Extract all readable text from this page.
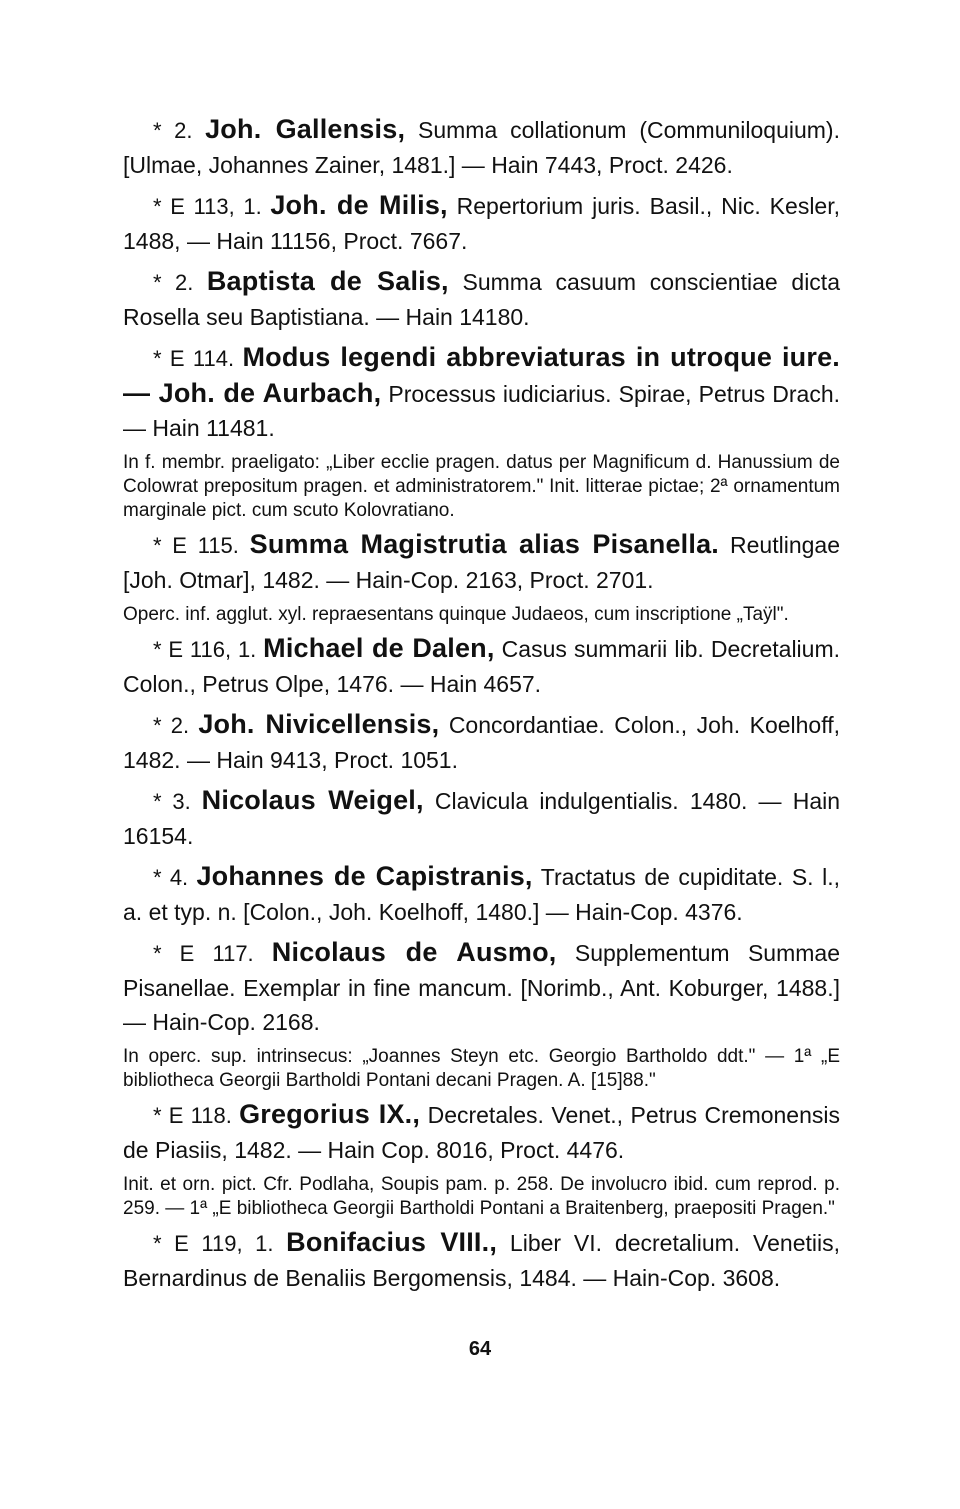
* 2. Joh. Gallensis, Summa collationum (Communiloquium). [Ulmae, Johannes Zainer, 1481.] — Hain 7443, Proct. 2426.

* E 113, 1. Joh. de Milis, Repertorium juris. Basil., Nic. Kesler, 1488, — Hain 11156, Proct. 7667.

* 2. Baptista de Salis, Summa casuum conscientiae dicta Rosella seu Baptistiana. — Hain 14180.

* E 114. Modus legendi abbreviaturas in utroque iure. — Joh. de Aurbach, Processus iudiciarius. Spirae, Petrus Drach. — Hain 11481.

In f. membr. praeligato: „Liber ecclie pragen. datus per Magnificum d. Hanussium de Colowrat prepositum pragen. et administratorem." Init. litterae pictae; 2ª ornamentum marginale pict. cum scuto Kolovratiano.

* E 115. Summa Magistrutia alias Pisanella. Reutlingae [Joh. Otmar], 1482. — Hain-Cop. 2163, Proct. 2701.

Operc. inf. agglut. xyl. repraesentans quinque Judaeos, cum inscriptione „Taÿl".

* E 116, 1. Michael de Dalen, Casus summarii lib. Decretalium. Colon., Petrus Olpe, 1476. — Hain 4657.

* 2. Joh. Nivicellensis, Concordantiae. Colon., Joh. Koelhoff, 1482. — Hain 9413, Proct. 1051.

* 3. Nicolaus Weigel, Clavicula indulgentialis. 1480. — Hain 16154.

* 4. Johannes de Capistranis, Tractatus de cupiditate. S. l., a. et typ. n. [Colon., Joh. Koelhoff, 1480.] — Hain-Cop. 4376.

* E 117. Nicolaus de Ausmo, Supplementum Summae Pisanellae. Exemplar in fine mancum. [Norimb., Ant. Koburger, 1488.] — Hain-Cop. 2168.

In operc. sup. intrinsecus: „Joannes Steyn etc. Georgio Bartholdo ddt." — 1ª „E bibliotheca Georgii Bartholdi Pontani decani Pragen. A. [15]88."

* E 118. Gregorius IX., Decretales. Venet., Petrus Cremonensis de Piasiis, 1482. — Hain Cop. 8016, Proct. 4476.

Init. et orn. pict. Cfr. Podlaha, Soupis pam. p. 258. De involucro ibid. cum reprod. p. 259. — 1ª „E bibliotheca Georgii Bartholdi Pontani a Braitenberg, praepositi Pragen."

* E 119, 1. Bonifacius VIII., Liber VI. decretalium. Venetiis, Bernardinus de Benaliis Bergomensis, 1484. — Hain-Cop. 3608.

64
